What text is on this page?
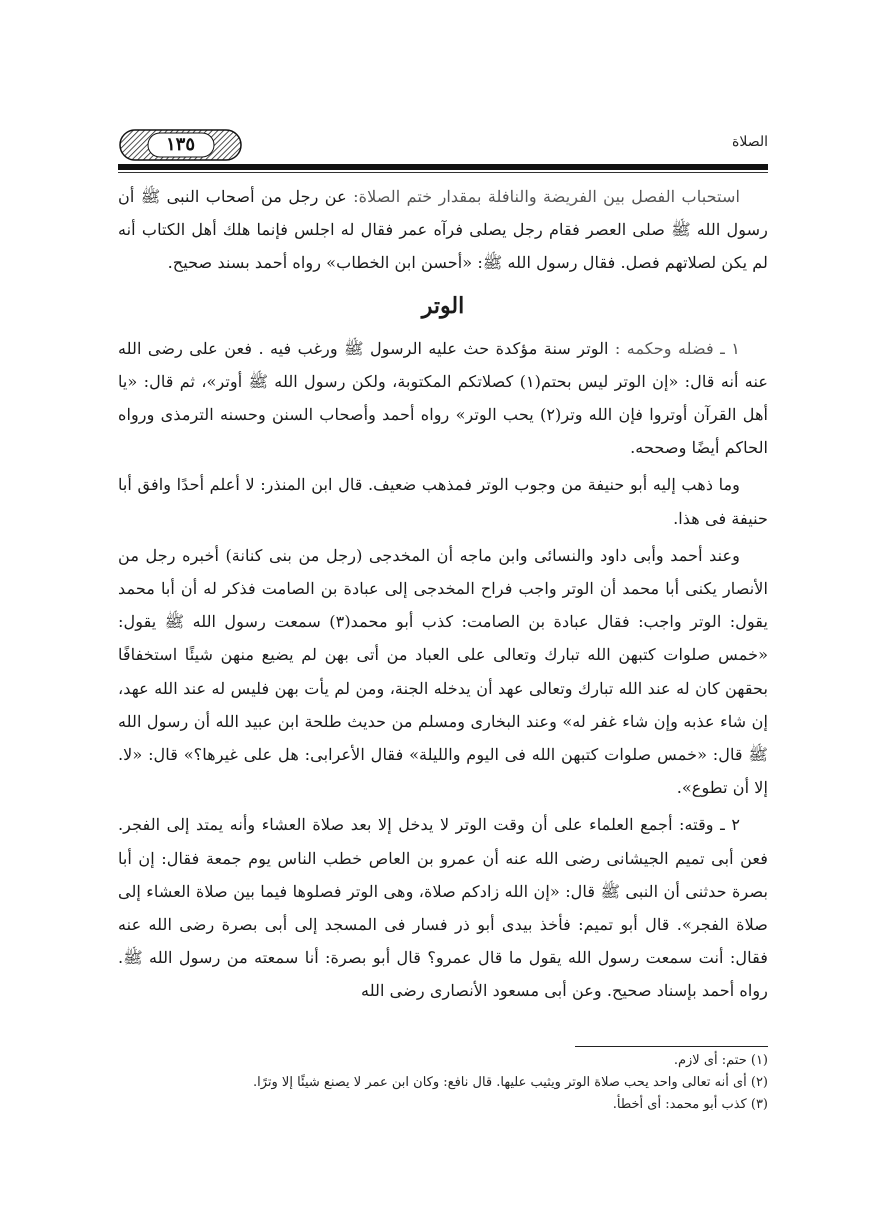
١٣٥	الصلاة

استحباب الفصل بين الفريضة والنافلة بمقدار ختم الصلاة: عن رجل من أصحاب النبى ﷺ أن رسول الله ﷺ صلى العصر فقام رجل يصلى فرآه عمر فقال له اجلس فإنما هلك أهل الكتاب أنه لم يكن لصلاتهم فصل. فقال رسول الله ﷺ: «أحسن ابن الخطاب» رواه أحمد بسند صحيح.

الوتر

١ ـ فضله وحكمه : الوتر سنة مؤكدة حث عليه الرسول ﷺ ورغب فيه . فعن على رضى الله عنه أنه قال: «إن الوتر ليس بحتم(١) كصلاتكم المكتوبة، ولكن رسول الله ﷺ أوتر»، ثم قال: «يا أهل القرآن أوتروا فإن الله وتر(٢) يحب الوتر» رواه أحمد وأصحاب السنن وحسنه الترمذى ورواه الحاكم أيضًا وصححه.

وما ذهب إليه أبو حنيفة من وجوب الوتر فمذهب ضعيف. قال ابن المنذر: لا أعلم أحدًا وافق أبا حنيفة فى هذا.

وعند أحمد وأبى داود والنسائى وابن ماجه أن المخدجى (رجل من بنى كنانة) أخبره رجل من الأنصار يكنى أبا محمد أن الوتر واجب فراح المخدجى إلى عبادة بن الصامت فذكر له أن أبا محمد يقول: الوتر واجب: فقال عبادة بن الصامت: كذب أبو محمد(٣) سمعت رسول الله ﷺ يقول: «خمس صلوات كتبهن الله تبارك وتعالى على العباد من أتى بهن لم يضيع منهن شيئًا استخفافًا بحقهن كان له عند الله تبارك وتعالى عهد أن يدخله الجنة، ومن لم يأت بهن فليس له عند الله عهد، إن شاء عذبه وإن شاء غفر له» وعند البخارى ومسلم من حديث طلحة ابن عبيد الله أن رسول الله ﷺ قال: «خمس صلوات كتبهن الله فى اليوم والليلة» فقال الأعرابى: هل على غيرها؟» قال: «لا. إلا أن تطوع».

٢ ـ وقته: أجمع العلماء على أن وقت الوتر لا يدخل إلا بعد صلاة العشاء وأنه يمتد إلى الفجر. فعن أبى تميم الجيشانى رضى الله عنه أن عمرو بن العاص خطب الناس يوم جمعة فقال: إن أبا بصرة حدثنى أن النبى ﷺ قال: «إن الله زادكم صلاة، وهى الوتر فصلوها فيما بين صلاة العشاء إلى صلاة الفجر». قال أبو تميم: فأخذ بيدى أبو ذر فسار فى المسجد إلى أبى بصرة رضى الله عنه فقال: أنت سمعت رسول الله يقول ما قال عمرو؟ قال أبو بصرة: أنا سمعته من رسول الله ﷺ. رواه أحمد بإسناد صحيح. وعن أبى مسعود الأنصارى رضى الله

(١) حتم: أى لازم.
(٢) أى أنه تعالى واحد يحب صلاة الوتر ويثيب عليها. قال نافع: وكان ابن عمر لا يصنع شيئًا إلا وترًا.
(٣) كذب أبو محمد: أى أخطأ.
